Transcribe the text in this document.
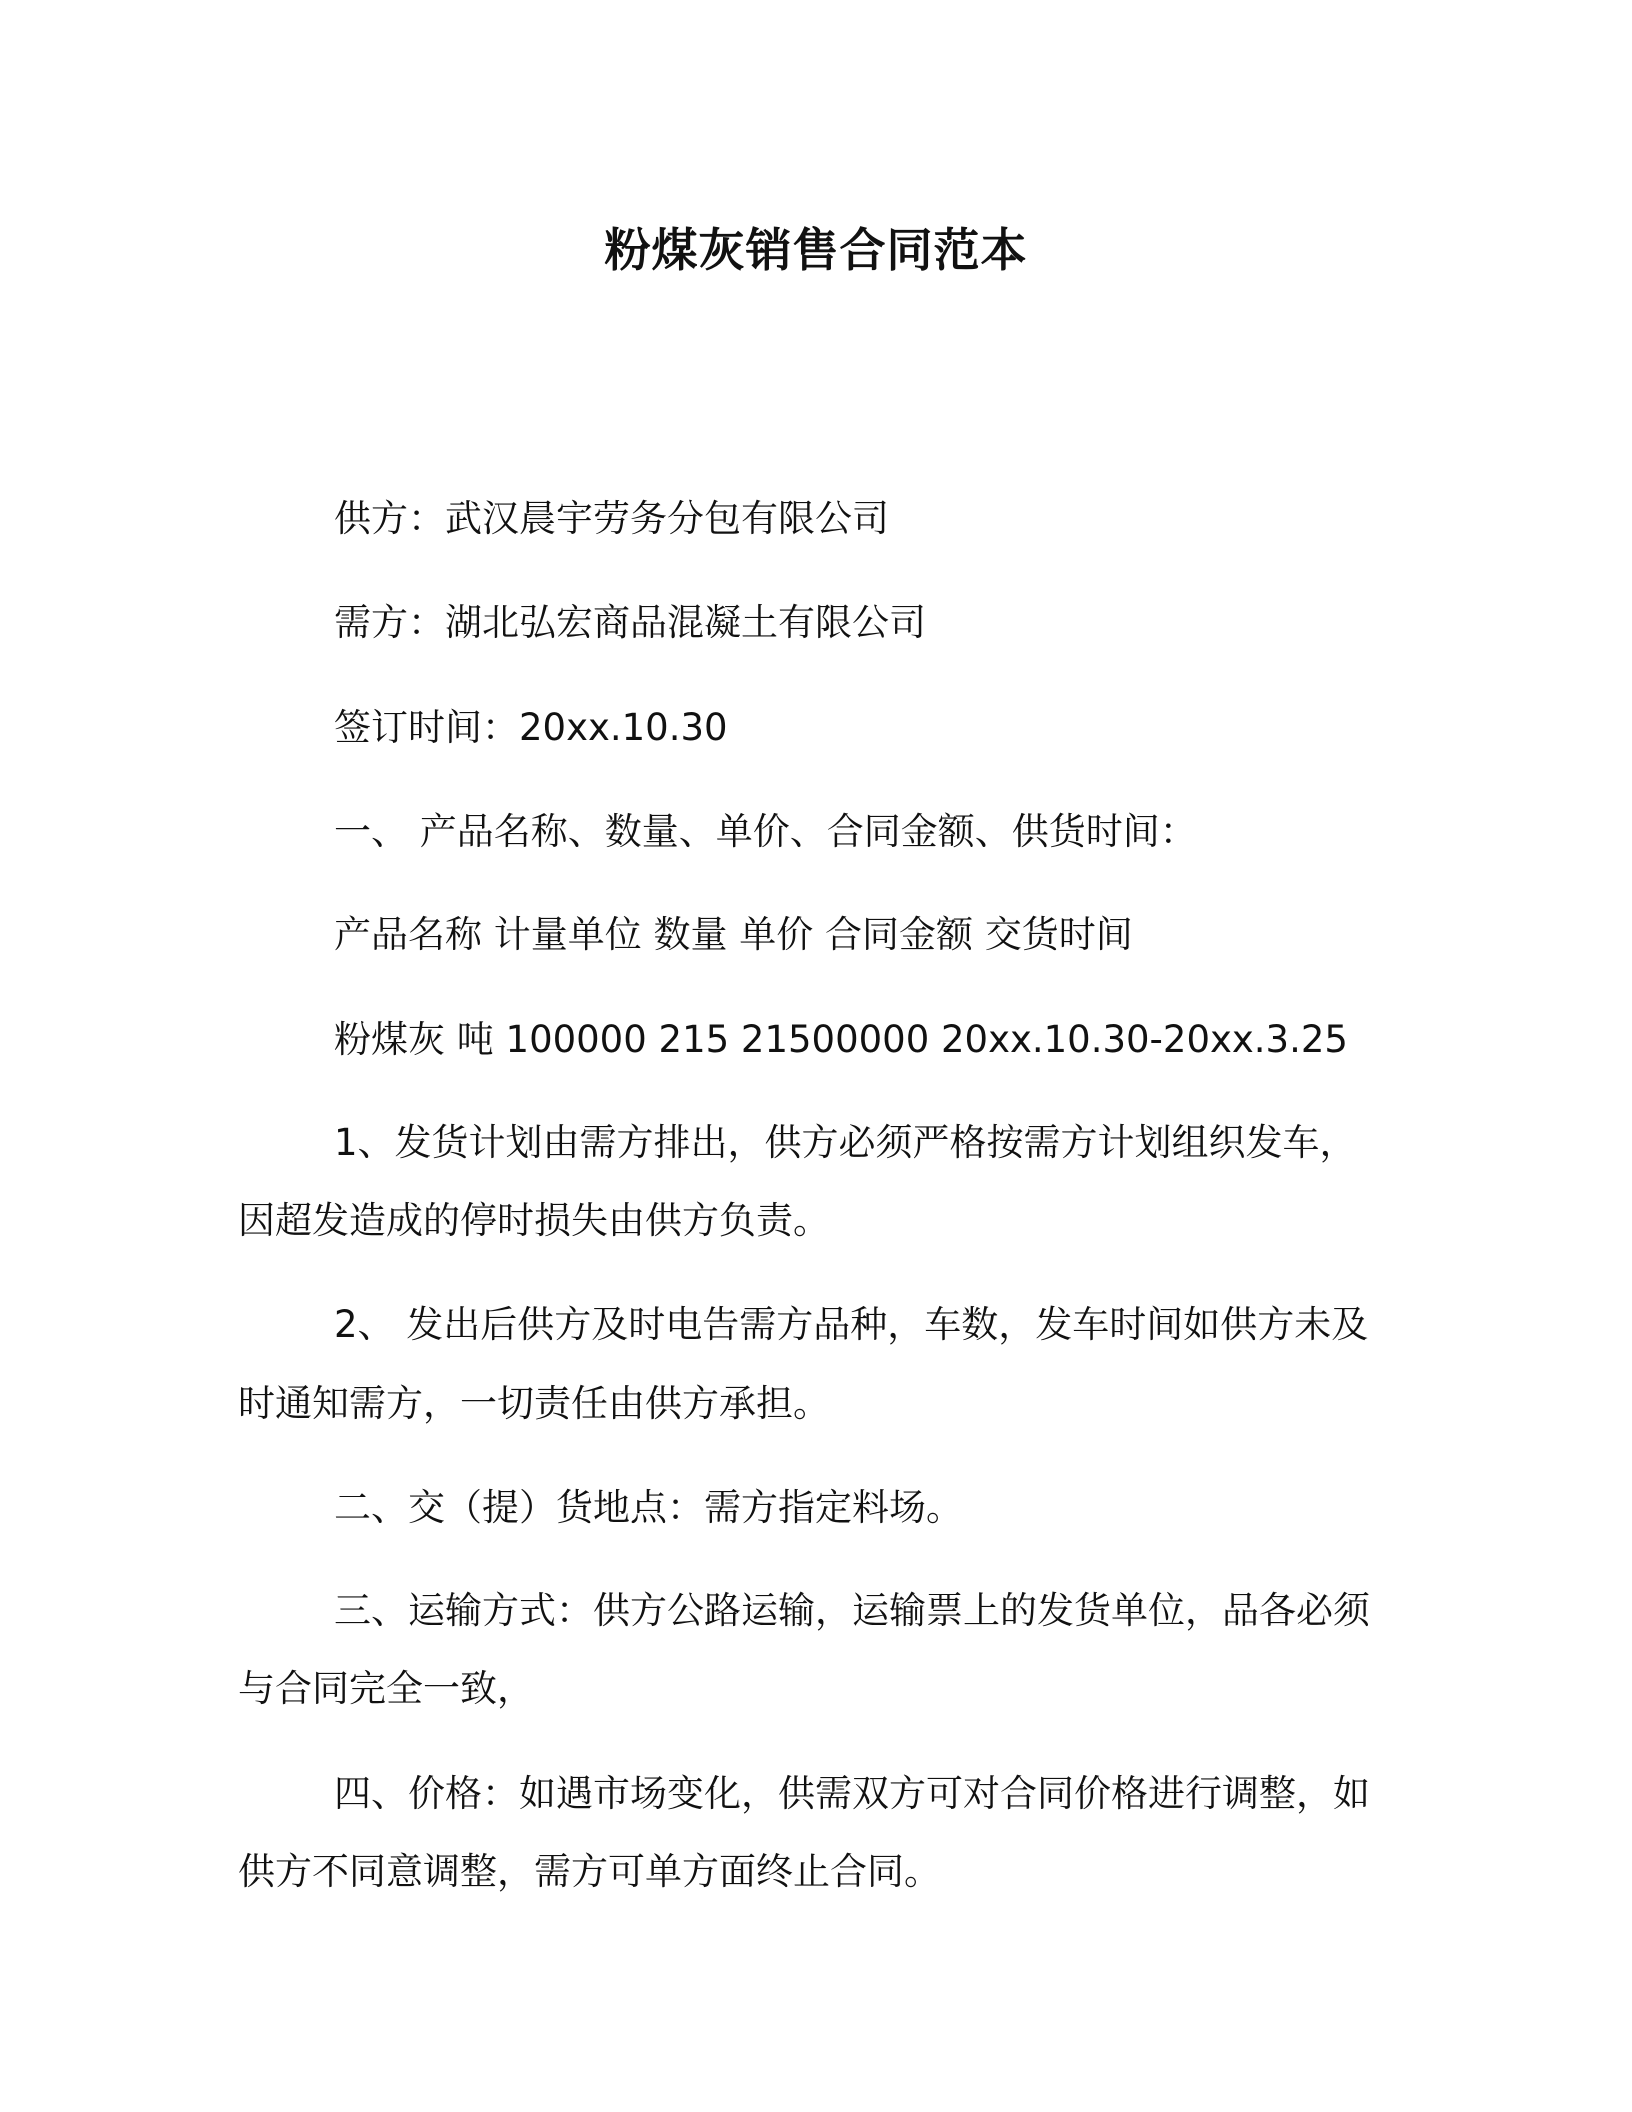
粉煤灰销售合同范本
供方：武汉晨宇劳务分包有限公司
需方：湖北弘宏商品混凝土有限公司
签订时间：20xx.10.30
一、 产品名称、数量、单价、合同金额、供货时间：
产品名称 计量单位 数量 单价 合同金额 交货时间
粉煤灰 吨 100000 215 21500000 20xx.10.30-20xx.3.25
1、发货计划由需方排出，供方必须严格按需方计划组织发车，
因超发造成的停时损失由供方负责。
2、 发出后供方及时电告需方品种，车数，发车时间如供方未及
时通知需方，一切责任由供方承担。
二、交（提）货地点：需方指定料场。
三、运输方式：供方公路运输，运输票上的发货单位，品各必须
与合同完全一致，
四、价格：如遇市场变化，供需双方可对合同价格进行调整，如
供方不同意调整，需方可单方面终止合同。
